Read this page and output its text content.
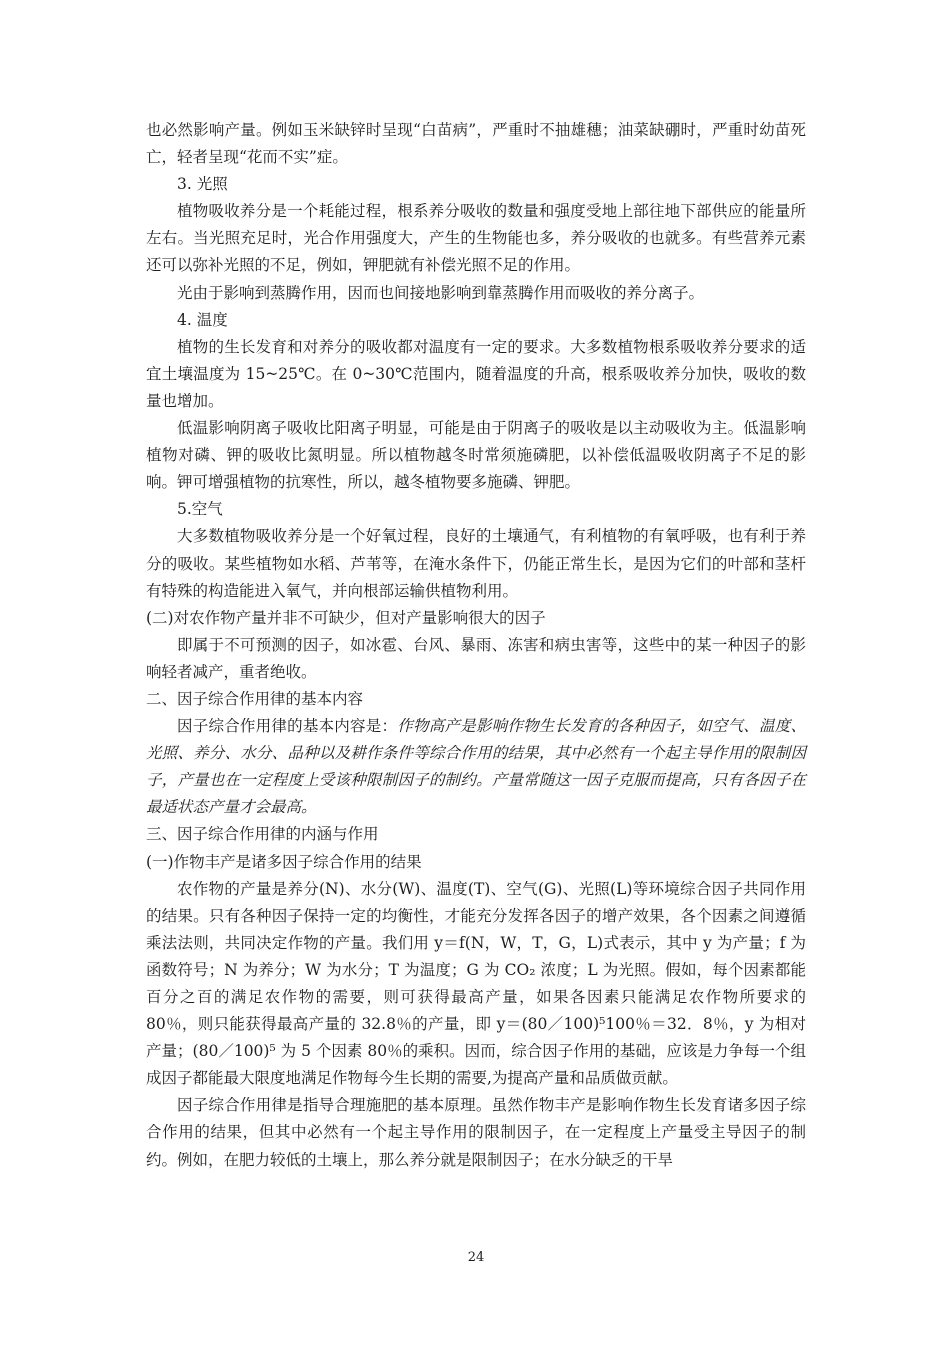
也必然影响产量。例如玉米缺锌时呈现“白苗病”，严重时不抽雄穗；油菜缺硼时，严重时幼苗死亡，轻者呈现“花而不实”症。

3. 光照

植物吸收养分是一个耗能过程，根系养分吸收的数量和强度受地上部往地下部供应的能量所左右。当光照充足时，光合作用强度大，产生的生物能也多，养分吸收的也就多。有些营养元素还可以弥补光照的不足，例如，钾肥就有补偿光照不足的作用。

光由于影响到蒸腾作用，因而也间接地影响到靠蒸腾作用而吸收的养分离子。

4. 温度

植物的生长发育和对养分的吸收都对温度有一定的要求。大多数植物根系吸收养分要求的适宜土壤温度为 15~25℃。在 0~30℃范围内，随着温度的升高，根系吸收养分加快，吸收的数量也增加。

低温影响阴离子吸收比阳离子明显，可能是由于阴离子的吸收是以主动吸收为主。低温影响植物对磷、钾的吸收比氮明显。所以植物越冬时常须施磷肥，以补偿低温吸收阴离子不足的影响。钾可增强植物的抗寒性，所以，越冬植物要多施磷、钾肥。

5.空气

大多数植物吸收养分是一个好氧过程，良好的土壤通气，有利植物的有氧呼吸，也有利于养分的吸收。某些植物如水稻、芦苇等，在淹水条件下，仍能正常生长，是因为它们的叶部和茎杆有特殊的构造能进入氧气，并向根部运输供植物利用。

(二)对农作物产量并非不可缺少，但对产量影响很大的因子

即属于不可预测的因子，如冰雹、台风、暴雨、冻害和病虫害等，这些中的某一种因子的影响轻者减产，重者绝收。

二、因子综合作用律的基本内容

因子综合作用律的基本内容是：作物高产是影响作物生长发育的各种因子，如空气、温度、光照、养分、水分、品种以及耕作条件等综合作用的结果，其中必然有一个起主导作用的限制因子，产量也在一定程度上受该种限制因子的制约。产量常随这一因子克服而提高，只有各因子在最适状态产量才会最高。

三、因子综合作用律的内涵与作用

(一)作物丰产是诸多因子综合作用的结果

农作物的产量是养分(N)、水分(W)、温度(T)、空气(G)、光照(L)等环境综合因子共同作用的结果。只有各种因子保持一定的均衡性，才能充分发挥各因子的增产效果，各个因素之间遵循乘法法则，共同决定作物的产量。我们用 y＝f(N，W，T，G，L)式表示，其中 y 为产量；f 为函数符号；N 为养分；W 为水分；T 为温度；G 为 CO₂ 浓度；L 为光照。假如，每个因素都能百分之百的满足农作物的需要，则可获得最高产量，如果各因素只能满足农作物所要求的 80％，则只能获得最高产量的 32.8％的产量，即 y＝(80／100)⁵100％＝32．8％，y 为相对产量；(80／100)⁵ 为 5 个因素 80％的乘积。因而，综合因子作用的基础，应该是力争每一个组成因子都能最大限度地满足作物每今生长期的需要,为提高产量和品质做贡献。

因子综合作用律是指导合理施肥的基本原理。虽然作物丰产是影响作物生长发育诸多因子综合作用的结果，但其中必然有一个起主导作用的限制因子，在一定程度上产量受主导因子的制约。例如，在肥力较低的土壤上，那么养分就是限制因子；在水分缺乏的干旱

24
